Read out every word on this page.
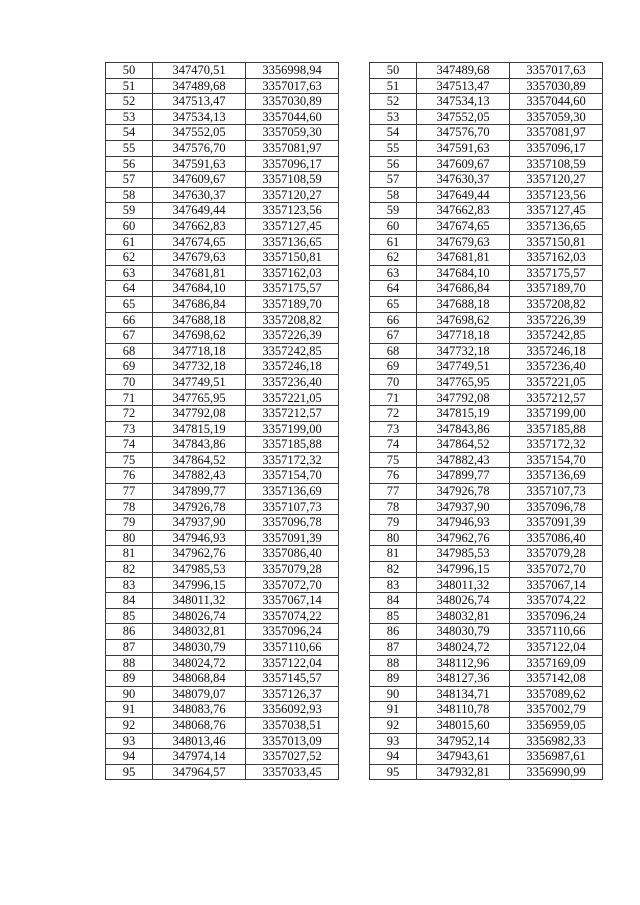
50	347470,51	3356998,94
51	347489,68	3357017,63
52	347513,47	3357030,89
53	347534,13	3357044,60
54	347552,05	3357059,30
55	347576,70	3357081,97
56	347591,63	3357096,17
57	347609,67	3357108,59
58	347630,37	3357120,27
59	347649,44	3357123,56
60	347662,83	3357127,45
61	347674,65	3357136,65
62	347679,63	3357150,81
63	347681,81	3357162,03
64	347684,10	3357175,57
65	347686,84	3357189,70
66	347688,18	3357208,82
67	347698,62	3357226,39
68	347718,18	3357242,85
69	347732,18	3357246,18
70	347749,51	3357236,40
71	347765,95	3357221,05
72	347792,08	3357212,57
73	347815,19	3357199,00
74	347843,86	3357185,88
75	347864,52	3357172,32
76	347882,43	3357154,70
77	347899,77	3357136,69
78	347926,78	3357107,73
79	347937,90	3357096,78
80	347946,93	3357091,39
81	347962,76	3357086,40
82	347985,53	3357079,28
83	347996,15	3357072,70
84	348011,32	3357067,14
85	348026,74	3357074,22
86	348032,81	3357096,24
87	348030,79	3357110,66
88	348024,72	3357122,04
89	348068,84	3357145,57
90	348079,07	3357126,37
91	348083,76	3356092,93
92	348068,76	3357038,51
93	348013,46	3357013,09
94	347974,14	3357027,52
95	347964,57	3357033,45
50	347489,68	3357017,63
51	347513,47	3357030,89
52	347534,13	3357044,60
53	347552,05	3357059,30
54	347576,70	3357081,97
55	347591,63	3357096,17
56	347609,67	3357108,59
57	347630,37	3357120,27
58	347649,44	3357123,56
59	347662,83	3357127,45
60	347674,65	3357136,65
61	347679,63	3357150,81
62	347681,81	3357162,03
63	347684,10	3357175,57
64	347686,84	3357189,70
65	347688,18	3357208,82
66	347698,62	3357226,39
67	347718,18	3357242,85
68	347732,18	3357246,18
69	347749,51	3357236,40
70	347765,95	3357221,05
71	347792,08	3357212,57
72	347815,19	3357199,00
73	347843,86	3357185,88
74	347864,52	3357172,32
75	347882,43	3357154,70
76	347899,77	3357136,69
77	347926,78	3357107,73
78	347937,90	3357096,78
79	347946,93	3357091,39
80	347962,76	3357086,40
81	347985,53	3357079,28
82	347996,15	3357072,70
83	348011,32	3357067,14
84	348026,74	3357074,22
85	348032,81	3357096,24
86	348030,79	3357110,66
87	348024,72	3357122,04
88	348112,96	3357169,09
89	348127,36	3357142,08
90	348134,71	3357089,62
91	348110,78	3357002,79
92	348015,60	3356959,05
93	347952,14	3356982,33
94	347943,61	3356987,61
95	347932,81	3356990,99
